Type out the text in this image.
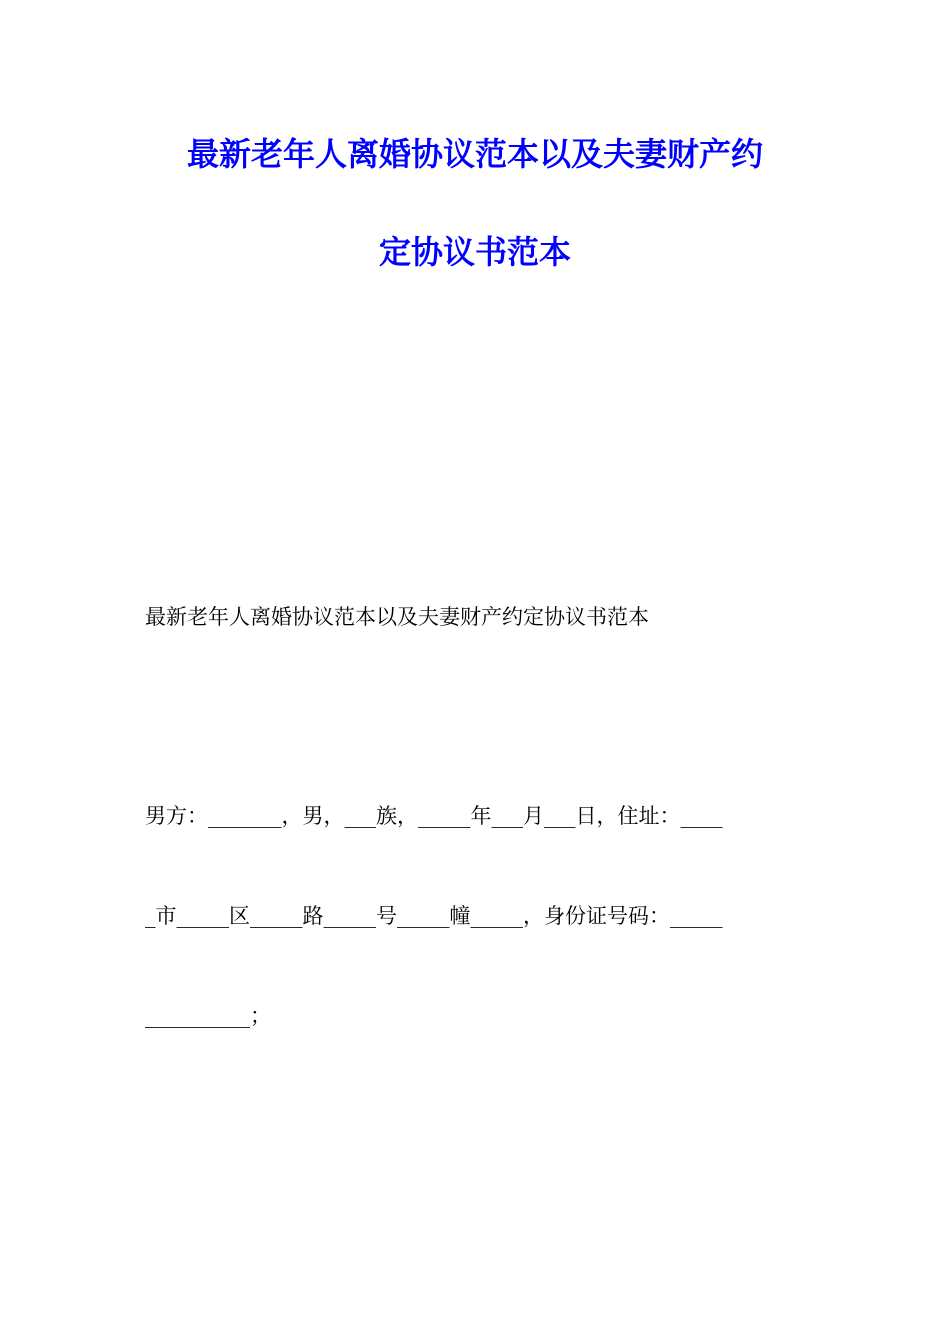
最新老年人离婚协议范本以及夫妻财产约
定协议书范本
最新老年人离婚协议范本以及夫妻财产约定协议书范本
男方：_______，男，___族，_____年___月___日，住址：____
_市_____区_____路_____号_____幢_____，身份证号码：_____
__________；
